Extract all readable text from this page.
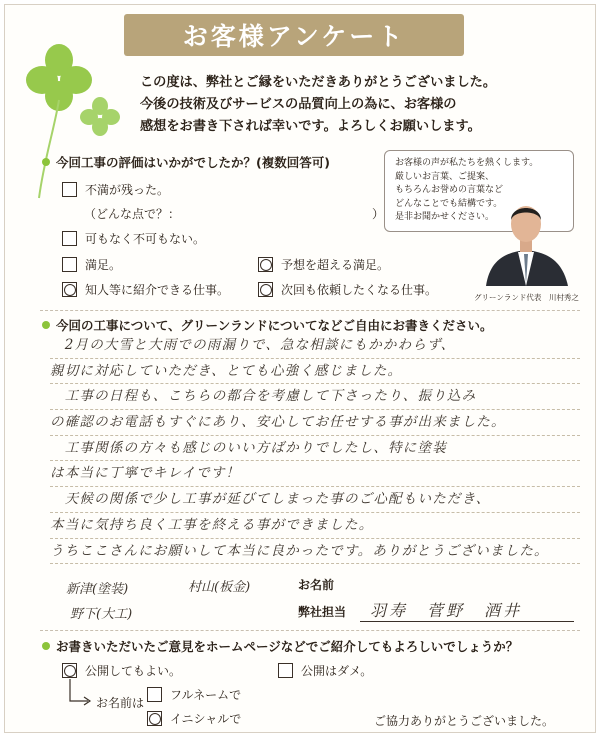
お客様アンケート
この度は、弊社とご縁をいただきありがとうございました。
今後の技術及びサービスの品質向上の為に、お客様の
感想をお書き下されば幸いです。よろしくお願いします。
今回工事の評価はいかがでしたか？(複数回答可)
不満が残った。
（どんな点で？：	）
可もなく不可もない。
満足。	予想を超える満足。
知人等に紹介できる仕事。	次回も依頼したくなる仕事。
お客様の声が私たちを熱くします。
厳しいお言葉、ご提案、
もちろんお誉めの言葉など
どんなことでも結構です。
是非お聞かせください。
グリーンランド代表　川村秀之
今回の工事について、グリーンランドについてなどご自由にお書きください。
　2月の大雪と大雨での雨漏りで、急な相談にもかかわらず、
親切に対応していただき、とても心強く感じました。
　工事の日程も、こちらの都合を考慮して下さったり、振り込み
の確認のお電話もすぐにあり、安心してお任せする事が出来ました。
　工事関係の方々も感じのいい方ばかりでしたし、特に塗装
は本当に丁寧でキレイです！
　天候の関係で少し工事が延びてしまった事のご心配もいただき、
本当に気持ち良く工事を終える事ができました。
うちここさんにお願いして本当に良かったです。ありがとうございました。
新津(塗装)	村山(板金)
野下(大工)
お名前
弊社担当 羽寿　菅野　酒井
お書きいただいたご意見をホームページなどでご紹介してもよろしいでしょうか？
公開してもよい。	公開はダメ。
お名前は
フルネームで
イニシャルで	ご協力ありがとうございました。
